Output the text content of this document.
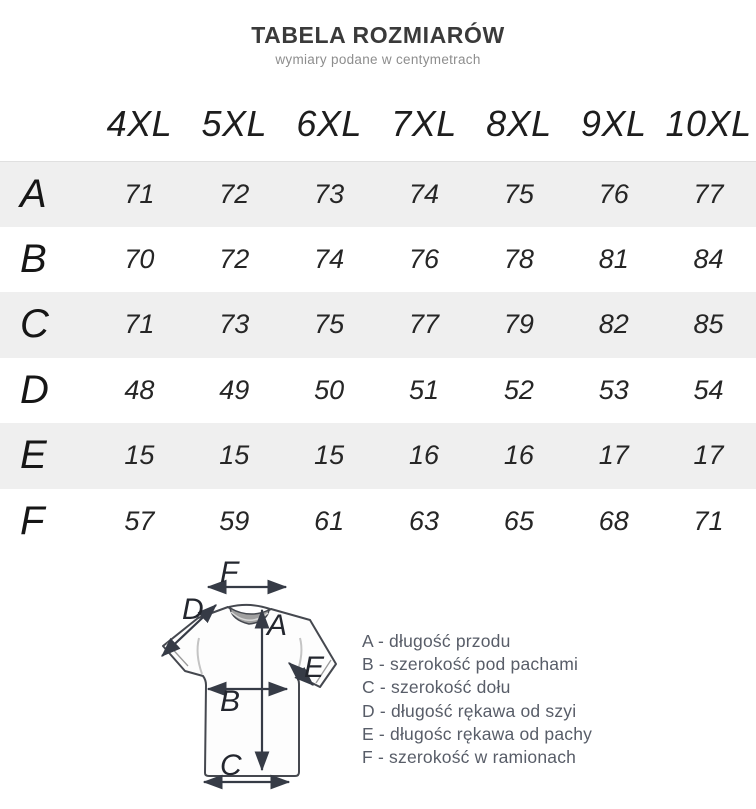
TABELA ROZMIARÓW
wymiary podane w centymetrach
4XL 5XL 6XL 7XL 8XL 9XL 10XL
A	71	72	73	74	75	76	77
B	70	72	74	76	78	81	84
C	71	73	75	77	79	82	85
D	48	49	50	51	52	53	54
E	15	15	15	16	16	17	17
F	57	59	61	63	65	68	71
F
D A
E
B
C
A - długość przodu
B - szerokość pod pachami
C - szerokość dołu
D - długość rękawa od szyi
E - długośc rękawa od pachy
F - szerokość w ramionach
